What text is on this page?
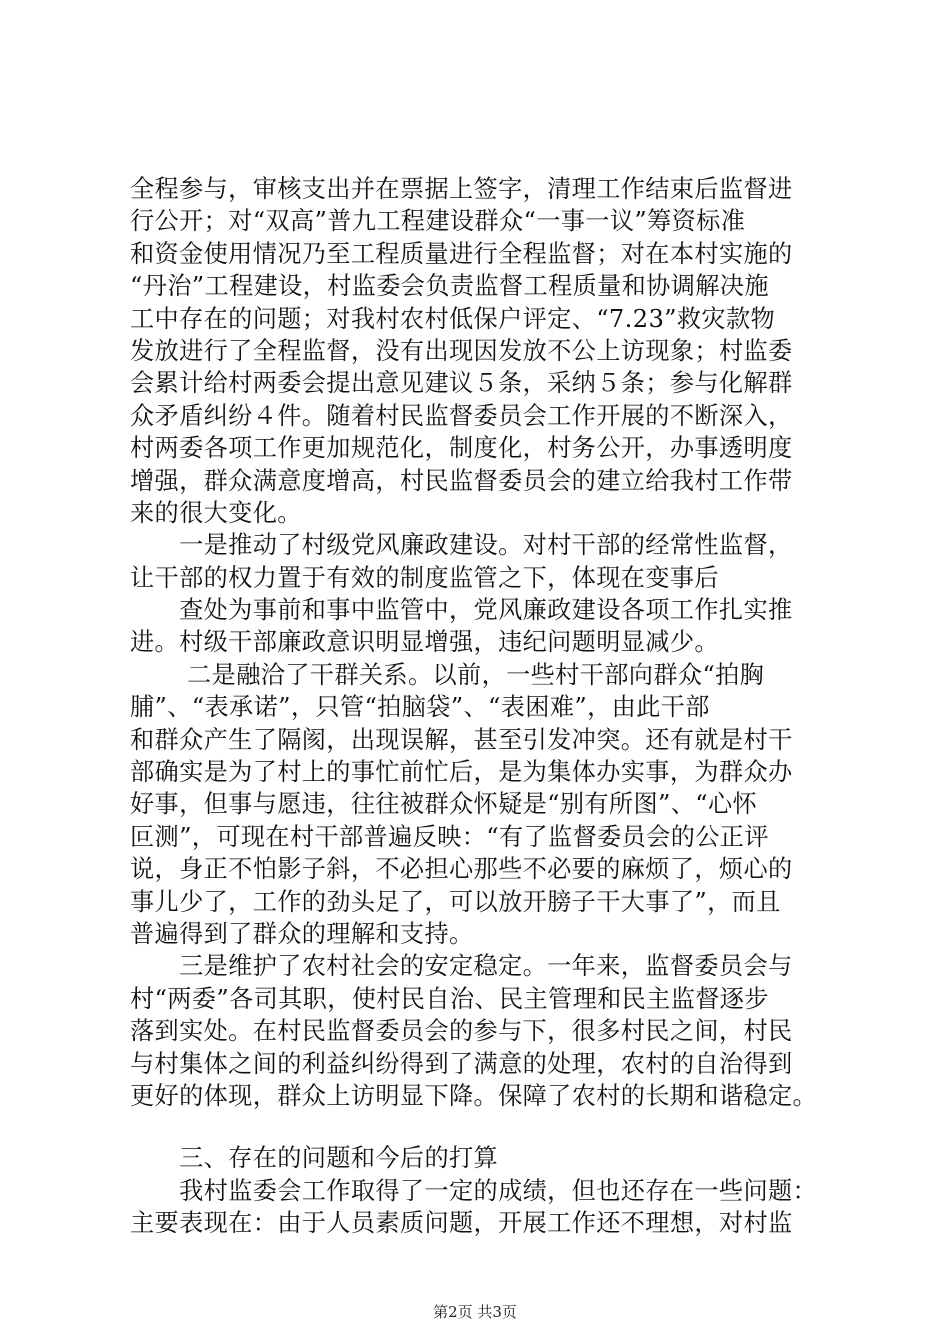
全程参与，审核支出并在票据上签字，清理工作结束后监督进
行公开；对“双高”普九工程建设群众“一事一议”筹资标准
和资金使用情况乃至工程质量进行全程监督；对在本村实施的
“丹治”工程建设，村监委会负责监督工程质量和协调解决施
工中存在的问题；对我村农村低保户评定、“7.23”救灾款物
发放进行了全程监督，没有出现因发放不公上访现象；村监委
会累计给村两委会提出意见建议５条，采纳５条；参与化解群
众矛盾纠纷４件。随着村民监督委员会工作开展的不断深入，
村两委各项工作更加规范化，制度化，村务公开，办事透明度
增强，群众满意度增高，村民监督委员会的建立给我村工作带
来的很大变化。
　　一是推动了村级党风廉政建设。对村干部的经常性监督，
让干部的权力置于有效的制度监管之下，体现在变事后
　　查处为事前和事中监管中，党风廉政建设各项工作扎实推
进。村级干部廉政意识明显增强，违纪问题明显减少。
　　 二是融洽了干群关系。以前，一些村干部向群众“拍胸
脯”、“表承诺”，只管“拍脑袋”、“表困难”，由此干部
和群众产生了隔阂，出现误解，甚至引发冲突。还有就是村干
部确实是为了村上的事忙前忙后，是为集体办实事，为群众办
好事，但事与愿违，往往被群众怀疑是“别有所图”、“心怀
叵测”，可现在村干部普遍反映：“有了监督委员会的公正评
说，身正不怕影子斜，不必担心那些不必要的麻烦了，烦心的
事儿少了，工作的劲头足了，可以放开膀子干大事了”，而且
普遍得到了群众的理解和支持。
　　三是维护了农村社会的安定稳定。一年来，监督委员会与
村“两委”各司其职，使村民自治、民主管理和民主监督逐步
落到实处。在村民监督委员会的参与下，很多村民之间，村民
与村集体之间的利益纠纷得到了满意的处理，农村的自治得到
更好的体现，群众上访明显下降。保障了农村的长期和谐稳定。
　　三、存在的问题和今后的打算
　　我村监委会工作取得了一定的成绩，但也还存在一些问题：
主要表现在：由于人员素质问题，开展工作还不理想，对村监
第2页 共3页
